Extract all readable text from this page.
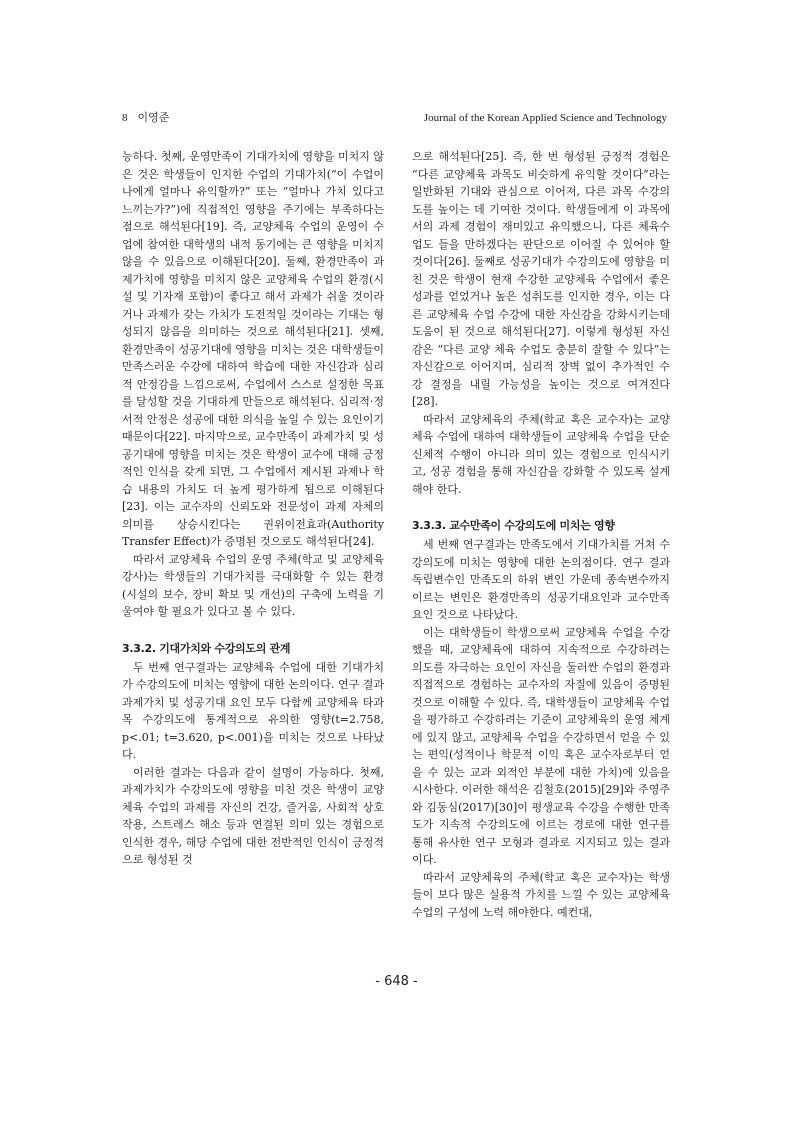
8 이영준	Journal of the Korean Applied Science and Technology

능하다. 첫째, 운영만족이 기대가치에 영향을 미치지 않은 것은 학생들이 인지한 수업의 기대가치(“이 수업이 나에게 얼마나 유익할까?” 또는 “얼마나 가치 있다고 느끼는가?”)에 직접적인 영향을 주기에는 부족하다는 점으로 해석된다[19]. 즉, 교양체육 수업의 운영이 수업에 참여한 대학생의 내적 동기에는 큰 영향을 미치지 않을 수 있음으로 이해된다[20]. 둘째, 환경만족이 과제가치에 영향을 미치지 않은 교양체육 수업의 환경(시설 및 기자재 포함)이 좋다고 해서 과제가 쉬울 것이라거나 과제가 갖는 가치가 도전적일 것이라는 기대는 형성되지 않음을 의미하는 것으로 해석된다[21]. 셋째, 환경만족이 성공기대에 영향을 미치는 것은 대학생들이 만족스러운 수강에 대하여 학습에 대한 자신감과 심리적 안정감을 느낌으로써, 수업에서 스스로 설정한 목표를 달성할 것을 기대하게 만들으로 해석된다. 심리적·정서적 안정은 성공에 대한 의식을 높일 수 있는 요인이기 때문이다[22]. 마지막으로, 교수만족이 과제가치 및 성공기대에 영향을 미치는 것은 학생이 교수에 대해 긍정적인 인식을 갖게 되면, 그 수업에서 제시된 과제나 학습 내용의 가치도 더 높게 평가하게 됨으로 이해된다[23]. 이는 교수자의 신뢰도와 전문성이 과제 자체의 의미를 상승시킨다는 권위이전효과(Authority Transfer Effect)가 증명된 것으로도 해석된다[24].

따라서 교양체육 수업의 운영 주체(학교 및 교양체육 강사)는 학생들의 기대가치를 극대화할 수 있는 환경(시설의 보수, 장비 확보 및 개선)의 구축에 노력을 기울여야 할 필요가 있다고 볼 수 있다.

3.3.2. 기대가치와 수강의도의 관계

두 번째 연구결과는 교양체육 수업에 대한 기대가치가 수강의도에 미치는 영향에 대한 논의이다. 연구 결과 과제가치 및 성공기대 요인 모두 다함께 교양체육 타과목 수강의도에 통계적으로 유의한 영향(t=2.758, p<.01; t=3.620, p<.001)을 미치는 것으로 나타났다.

이러한 결과는 다음과 같이 설명이 가능하다. 첫째, 과제가치가 수강의도에 영향을 미친 것은 학생이 교양체육 수업의 과제를 자신의 건강, 즐거움, 사회적 상호작용, 스트레스 해소 등과 연결된 의미 있는 경험으로 인식한 경우, 해당 수업에 대한 전반적인 인식이 긍정적으로 형성된 것

으로 해석된다[25]. 즉, 한 번 형성된 긍정적 경험은 “다른 교양체육 과목도 비슷하게 유익할 것이다”라는 일반화된 기대와 관심으로 이어져, 다른 과목 수강의도를 높이는 데 기여한 것이다. 학생들에게 이 과목에서의 과제 경험이 재미있고 유익했으니, 다른 체육수업도 들을 만하겠다는 판단으로 이어질 수 있어야 할 것이다[26]. 둘째로 성공기대가 수강의도에 영향을 미친 것은 학생이 현재 수강한 교양체육 수업에서 좋은 성과를 얻었거나 높은 성취도를 인지한 경우, 이는 다른 교양체육 수업 수강에 대한 자신감을 강화시키는데 도움이 된 것으로 해석된다[27]. 이렇게 형성된 자신감은 “다른 교양 체육 수업도 충분히 잘할 수 있다”는 자신감으로 이어지며, 심리적 장벽 없이 추가적인 수강 결정을 내릴 가능성을 높이는 것으로 여겨진다[28].

따라서 교양체육의 주체(학교 혹은 교수자)는 교양체육 수업에 대하여 대학생들이 교양체육 수업을 단순 신체적 수행이 아니라 의미 있는 경험으로 인식시키고, 성공 경험을 통해 자신감을 강화할 수 있도록 설계해야 한다.

3.3.3. 교수만족이 수강의도에 미치는 영향

세 번째 연구결과는 만족도에서 기대가치를 거쳐 수강의도에 미치는 영향에 대한 논의점이다. 연구 결과 독립변수인 만족도의 하위 변인 가운데 종속변수까지 이르는 변인은 환경만족의 성공기대요인과 교수만족요인 것으로 나타났다.

이는 대학생들이 학생으로써 교양체육 수업을 수강했을 때, 교양체육에 대하여 지속적으로 수강하려는 의도를 자극하는 요인이 자신을 둘러싼 수업의 환경과 직접적으로 경험하는 교수자의 자질에 있음이 증명된 것으로 이해할 수 있다. 즉, 대학생들이 교양체육 수업을 평가하고 수강하려는 기준이 교양체육의 운영 체계에 있지 않고, 교양체육 수업을 수강하면서 얻을 수 있는 편익(성적이나 학문적 이익 혹은 교수자로부터 얻을 수 있는 교과 외적인 부분에 대한 가치)에 있음을 시사한다. 이러한 해석은 김철호(2015)[29]와 주영주와 김동심(2017)[30]이 평생교육 수강을 수행한 만족도가 지속적 수강의도에 이르는 경로에 대한 연구를 통해 유사한 연구 모형과 결과로 지지되고 있는 결과이다.

따라서 교양체육의 주체(학교 혹은 교수자)는 학생들이 보다 많은 실용적 가치를 느낄 수 있는 교양체육 수업의 구성에 노력 해야한다. 예컨대,

- 648 -
